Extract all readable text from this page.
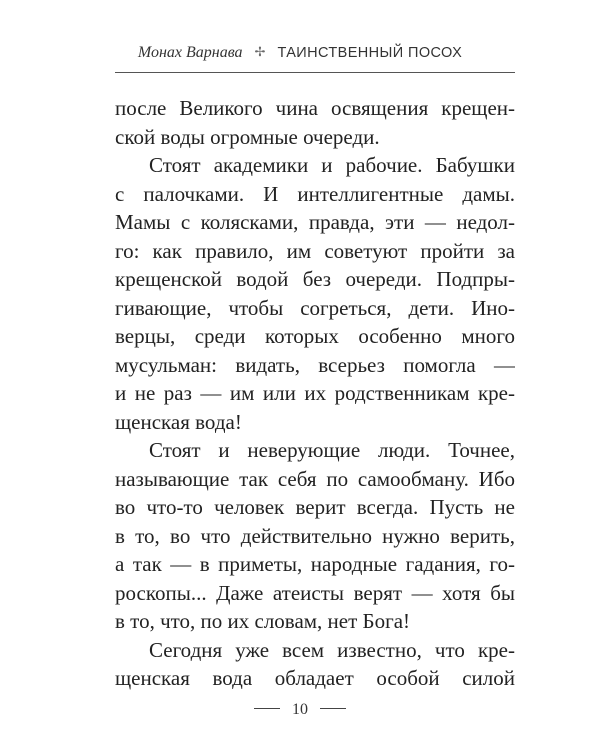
Монах Варнава ✢ ТАИНСТВЕННЫЙ ПОСОХ
после Великого чина освящения крещен-
ской воды огромные очереди.
Стоят академики и рабочие. Бабушки
с палочками. И интеллигентные дамы.
Мамы с колясками, правда, эти — недол-
го: как правило, им советуют пройти за
крещенской водой без очереди. Подпры-
гивающие, чтобы согреться, дети. Ино-
верцы, среди которых особенно много
мусульман: видать, всерьез помогла —
и не раз — им или их родственникам кре-
щенская вода!
Стоят и неверующие люди. Точнее,
называющие так себя по самообману. Ибо
во что-то человек верит всегда. Пусть не
в то, во что действительно нужно верить,
а так — в приметы, народные гадания, го-
роскопы... Даже атеисты верят — хотя бы
в то, что, по их словам, нет Бога!
Сегодня уже всем известно, что кре-
щенская вода обладает особой силой
10
